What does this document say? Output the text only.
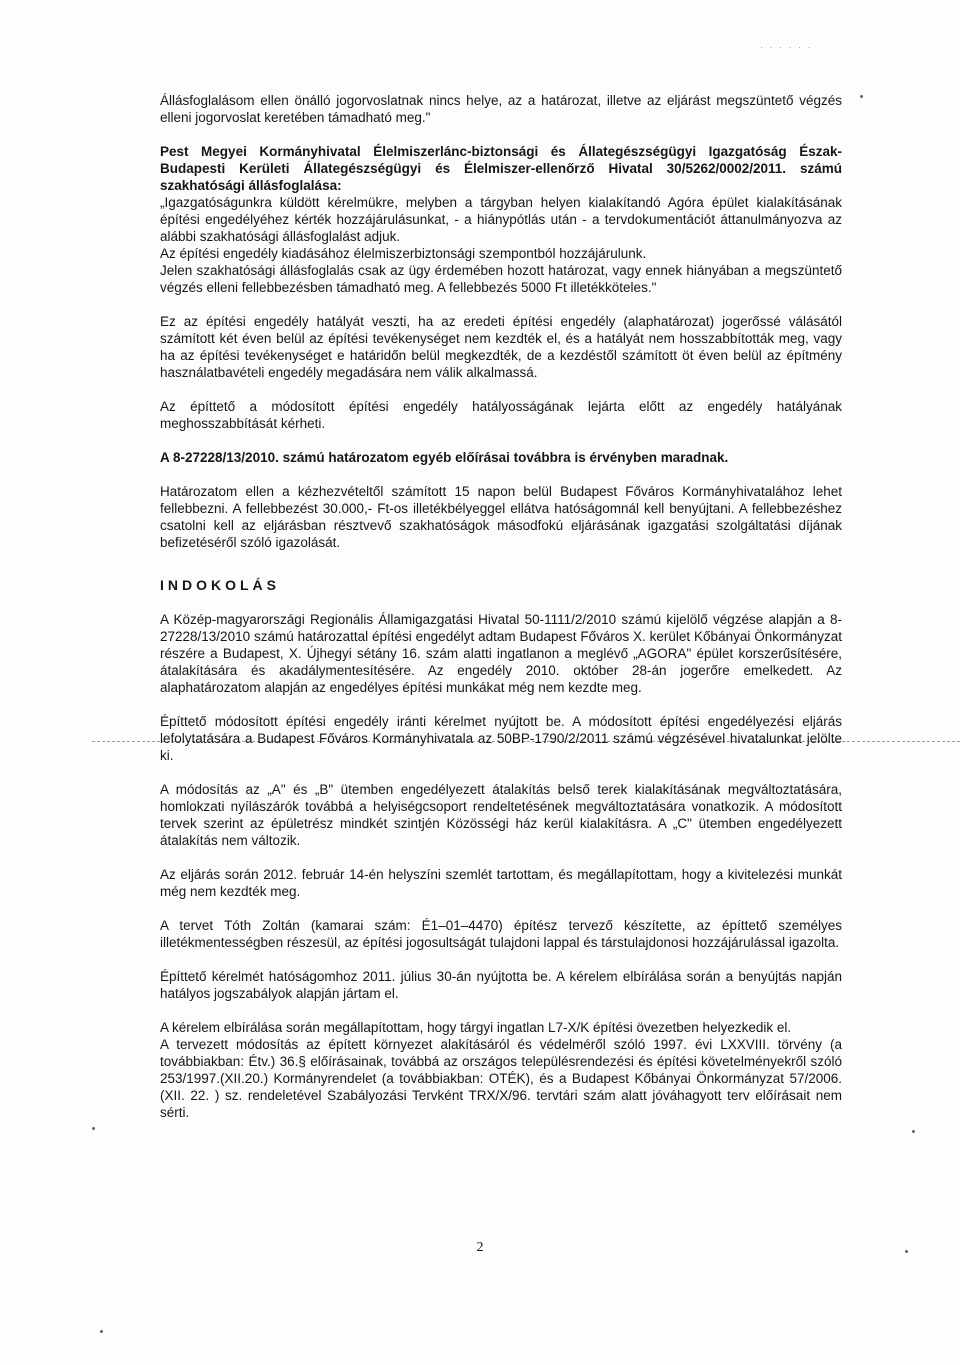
· · · · · ·

Állásfoglalásom ellen önálló jogorvoslatnak nincs helye, az a határozat, illetve az eljárást megszüntető végzés elleni jogorvoslat keretében támadható meg."

Pest Megyei Kormányhivatal Élelmiszerlánc-biztonsági és Állategészségügyi Igazgatóság Észak-Budapesti Kerületi Állategészségügyi és Élelmiszer-ellenőrző Hivatal 30/5262/0002/2011. számú szakhatósági állásfoglalása:

„Igazgatóságunkra küldött kérelmükre, melyben a tárgyban helyen kialakítandó Agóra épület kialakításának építési engedélyéhez kérték hozzájárulásunkat, - a hiánypótlás után - a tervdokumentációt áttanulmányozva az alábbi szakhatósági állásfoglalást adjuk.

Az építési engedély kiadásához élelmiszerbiztonsági szempontból hozzájárulunk.

Jelen szakhatósági állásfoglalás csak az ügy érdemében hozott határozat, vagy ennek hiányában a megszüntető végzés elleni fellebbezésben támadható meg. A fellebbezés 5000 Ft illetékköteles."

Ez az építési engedély hatályát veszti, ha az eredeti építési engedély (alaphatározat) jogerőssé válásától számított két éven belül az építési tevékenységet nem kezdték el, és a hatályát nem hosszabbították meg, vagy ha az építési tevékenységet e határidőn belül megkezdték, de a kezdéstől számított öt éven belül az építmény használatbavételi engedély megadására nem válik alkalmassá.

Az építtető a módosított építési engedély hatályosságának lejárta előtt az engedély hatályának meghosszabbítását kérheti.

A 8-27228/13/2010. számú határozatom egyéb előírásai továbbra is érvényben maradnak.

Határozatom ellen a kézhezvételtől számított 15 napon belül Budapest Főváros Kormányhivatalához lehet fellebbezni. A fellebbezést 30.000,- Ft-os illetékbélyeggel ellátva hatóságomnál kell benyújtani. A fellebbezéshez csatolni kell az eljárásban résztvevő szakhatóságok másodfokú eljárásának igazgatási szolgáltatási díjának befizetéséről szóló igazolását.

INDOKOLÁS

A Közép-magyarországi Regionális Államigazgatási Hivatal 50-1111/2/2010 számú kijelölő végzése alapján a 8-27228/13/2010 számú határozattal építési engedélyt adtam Budapest Főváros X. kerület Kőbányai Önkormányzat részére a Budapest, X. Újhegyi sétány 16. szám alatti ingatlanon a meglévő „AGORA" épület korszerűsítésére, átalakítására és akadálymentesítésére. Az engedély 2010. október 28-án jogerőre emelkedett. Az alaphatározatom alapján az engedélyes építési munkákat még nem kezdte meg.

Építtető módosított építési engedély iránti kérelmet nyújtott be. A módosított építési engedélyezési eljárás lefolytatására a Budapest Főváros Kormányhivatala az 50BP-1790/2/2011 számú végzésével hivatalunkat jelölte ki.

A módosítás az „A" és „B" ütemben engedélyezett átalakítás belső terek kialakításának megváltoztatására, homlokzati nyílászárók továbbá a helyiségcsoport rendeltetésének megváltoztatására vonatkozik. A módosított tervek szerint az épületrész mindkét szintjén Közösségi ház kerül kialakításra. A „C" ütemben engedélyezett átalakítás nem változik.

Az eljárás során 2012. február 14-én helyszíni szemlét tartottam, és megállapítottam, hogy a kivitelezési munkát még nem kezdték meg.

A tervet Tóth Zoltán (kamarai szám: É1–01–4470) építész tervező készítette, az építtető személyes illetékmentességben részesül, az építési jogosultságát tulajdoni lappal és társtulajdonosi hozzájárulással igazolta.

Építtető kérelmét hatóságomhoz 2011. július 30-án nyújtotta be. A kérelem elbírálása során a benyújtás napján hatályos jogszabályok alapján jártam el.

A kérelem elbírálása során megállapítottam, hogy tárgyi ingatlan L7-X/K építési övezetben helyezkedik el.

A tervezett módosítás az épített környezet alakításáról és védelméről szóló 1997. évi LXXVIII. törvény (a továbbiakban: Étv.) 36.§ előírásainak, továbbá az országos településrendezési és építési követelményekről szóló 253/1997.(XII.20.) Kormányrendelet (a továbbiakban: OTÉK), és a Budapest Kőbányai Önkormányzat 57/2006. (XII. 22. ) sz. rendeletével Szabályozási Tervként TRX/X/96. tervtári szám alatt jóváhagyott terv előírásait nem sérti.

2
